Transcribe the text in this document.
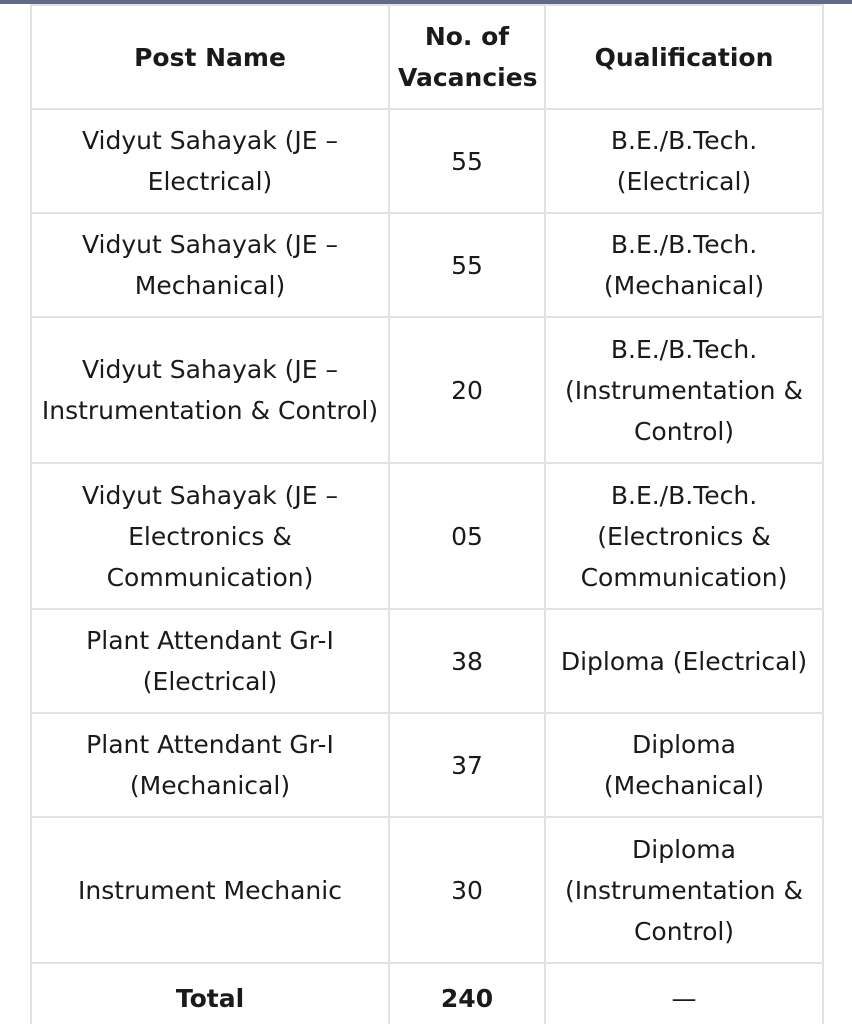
Post Name	No. of Vacancies	Qualification
Vidyut Sahayak (JE – Electrical)	55	B.E./B.Tech. (Electrical)
Vidyut Sahayak (JE – Mechanical)	55	B.E./B.Tech. (Mechanical)
Vidyut Sahayak (JE – Instrumentation & Control)	20	B.E./B.Tech. (Instrumentation & Control)
Vidyut Sahayak (JE – Electronics & Communication)	05	B.E./B.Tech. (Electronics & Communication)
Plant Attendant Gr-I (Electrical)	38	Diploma (Electrical)
Plant Attendant Gr-I (Mechanical)	37	Diploma (Mechanical)
Instrument Mechanic	30	Diploma (Instrumentation & Control)
Total	240	—
